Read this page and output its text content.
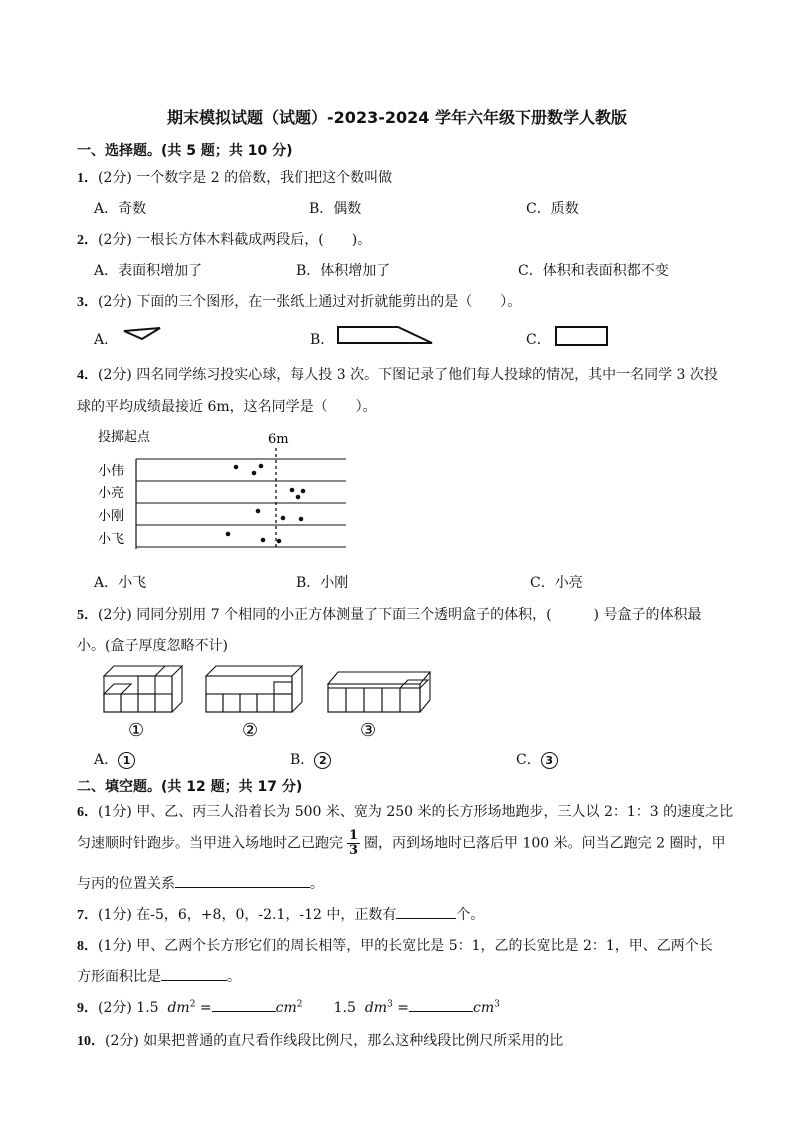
期末模拟试题（试题）-2023-2024 学年六年级下册数学人教版
一、选择题。(共 5 题；共 10 分)
1．(2分) 一个数字是 2 的倍数，我们把这个数叫做
A．奇数	B．偶数	C．质数
2．(2分) 一根长方体木料截成两段后，(　　)。
A．表面积增加了	B．体积增加了	C．体积和表面积都不变
3．(2分) 下面的三个图形，在一张纸上通过对折就能剪出的是（　　）。
A．	B．	C．
4．(2分) 四名同学练习投实心球，每人投 3 次。下图记录了他们每人投球的情况，其中一名同学 3 次投
球的平均成绩最接近 6m，这名同学是（　　）。
投掷起点	6m
小伟
小亮
小刚
小飞
A．小飞	B．小刚	C．小亮
5．(2分) 同同分别用 7 个相同的小正方体测量了下面三个透明盒子的体积，(　　　) 号盒子的体积最
小。(盒子厚度忽略不计)
①	②	③
A． 1	B． 2	C． 3
二、填空题。(共 12 题；共 17 分)
6．(1分) 甲、乙、丙三人沿着长为 500 米、宽为 250 米的长方形场地跑步，三人以 2：1：3 的速度之比
匀速顺时针跑步。当甲进入场地时乙已跑完 $\frac{1}{3}$ 圈，丙到场地时已落后甲 100 米。问当乙跑完 2 圈时，甲
与丙的位置关系	。
7．(1分) 在-5，6，+8，0，-2.1，-12 中，正数有	个。
8．(1分) 甲、乙两个长方形它们的周长相等，甲的长宽比是 5：1，乙的长宽比是 2：1，甲、乙两个长
方形面积比是	。
9．(2分) 1.5 $dm^2$ =	$cm^2$ 1.5 $dm^3$ =	$cm^3$
10．(2分) 如果把普通的直尺看作线段比例尺，那么这种线段比例尺所采用的比
